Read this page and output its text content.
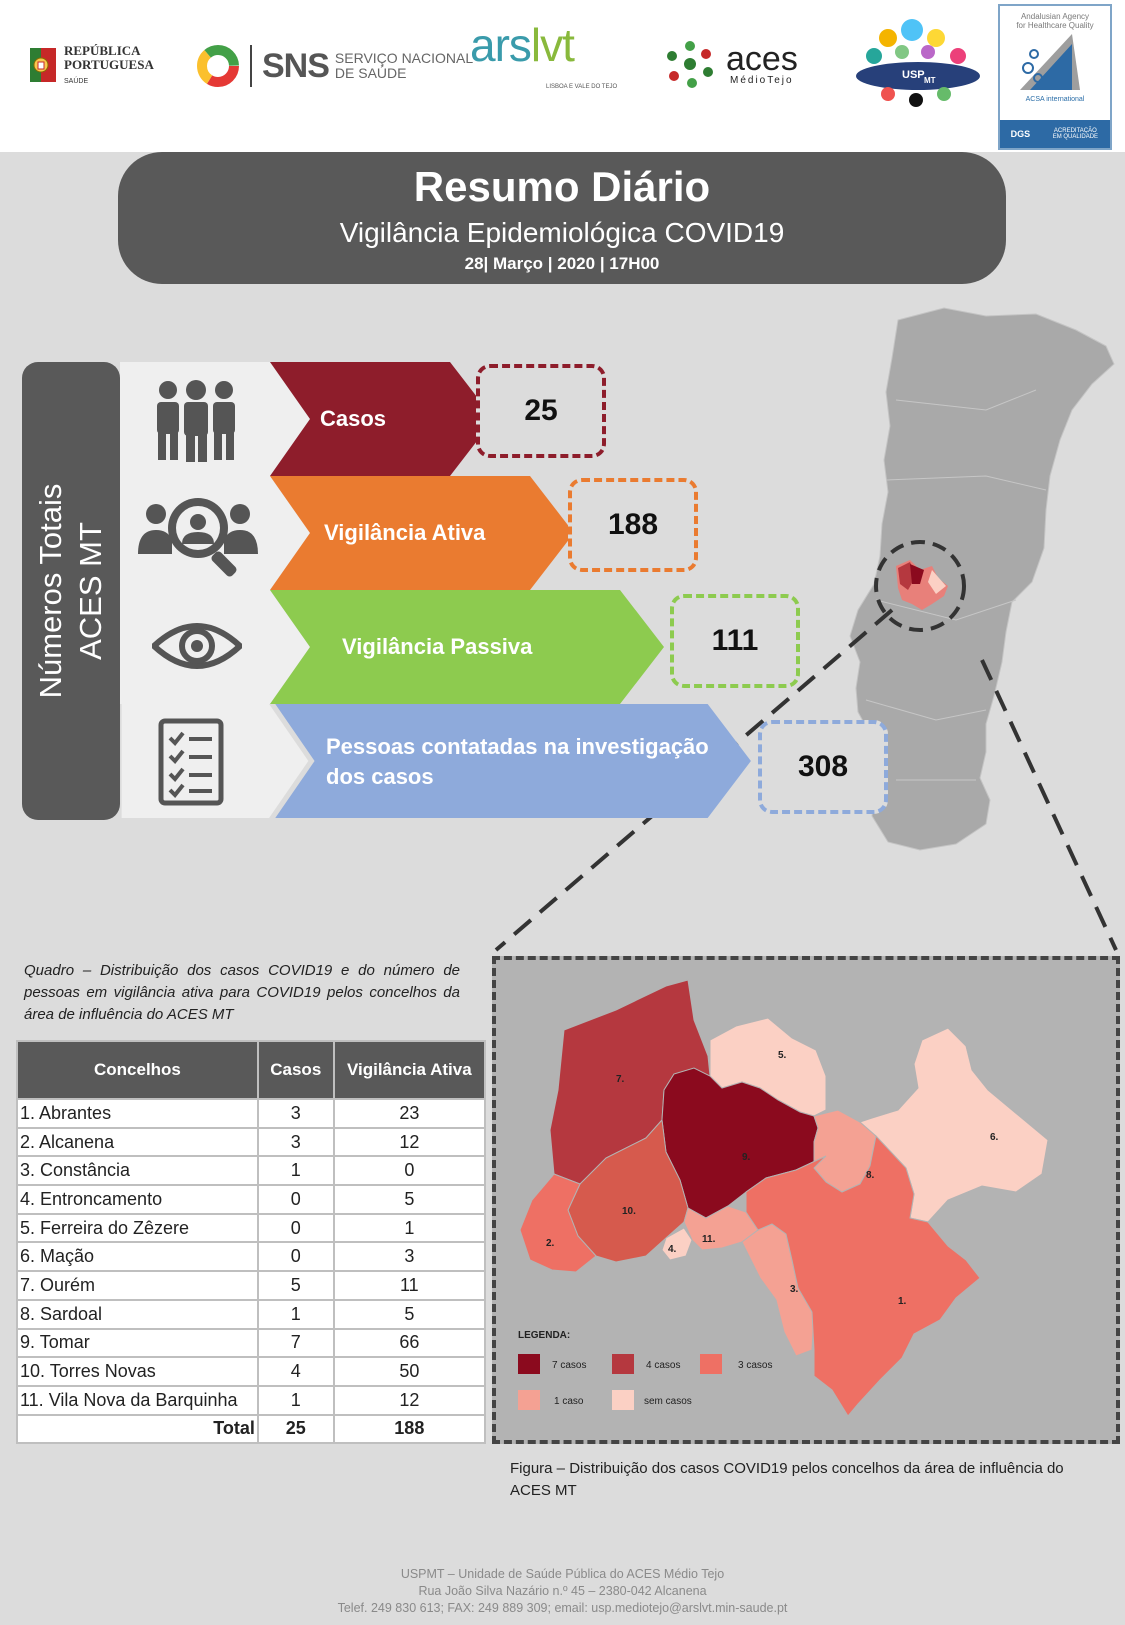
REPÚBLICA
PORTUGUESA
SAÚDE	SNS SERVIÇO NACIONAL
DE SAÚDE
arslvt
LISBOA E VALE DO TEJO
aces
MédioTejo	USP MT
Andalusian Agency
for Healthcare Quality
ACSA international
DGS	ACREDITAÇÃO EM QUALIDADE
Resumo Diário
Vigilância Epidemiológica COVID19
28| Março | 2020 | 17H00
Números Totais ACES MT
Casos	25
Vigilância Ativa	188
Vigilância Passiva	111
Pessoas contatadas na investigação
dos casos	308
Quadro – Distribuição dos casos COVID19 e do número de pessoas em vigilância ativa para COVID19 pelos concelhos da área de influência do ACES MT
Concelhos	Casos	Vigilância Ativa
1. Abrantes	3	23
2. Alcanena	3	12
3. Constância	1	0
4. Entroncamento	0	5
5. Ferreira do Zêzere	0	1
6. Mação	0	3
7. Ourém	5	11
8. Sardoal	1	5
9. Tomar	7	66
10. Torres Novas	4	50
11. Vila Nova da Barquinha	1	12
Total	25	188
1.
2.
3.
4.
5.
6.
7.
8.
9.
10.
11.
LEGENDA:
7 casos	4 casos	3 casos
1 caso	sem casos
Figura – Distribuição dos casos COVID19 pelos concelhos da área de influência do ACES MT
USPMT – Unidade de Saúde Pública do ACES Médio Tejo
Rua João Silva Nazário n.º 45 – 2380-042 Alcanena
Telef. 249 830 613; FAX: 249 889 309; email: usp.mediotejo@arslvt.min-saude.pt
